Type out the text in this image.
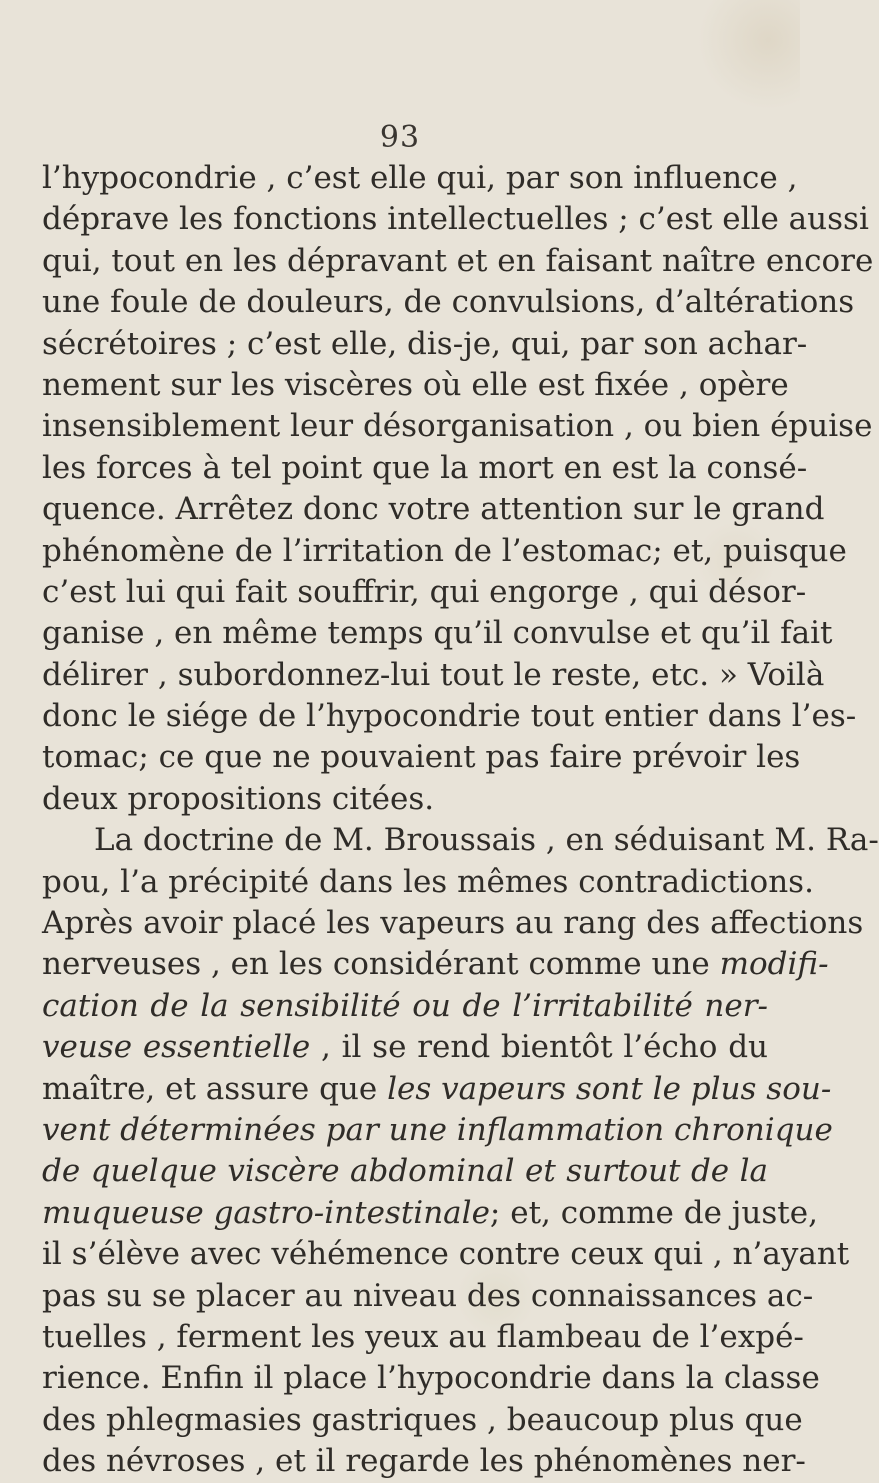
93
l’hypocondrie , c’est elle qui, par son influence ,
déprave les fonctions intellectuelles ; c’est elle aussi
qui, tout en les dépravant et en faisant naître encore
une foule de douleurs, de convulsions, d’altérations
sécrétoires ; c’est elle, dis-je, qui, par son achar-
nement sur les viscères où elle est fixée , opère
insensiblement leur désorganisation , ou bien épuise
les forces à tel point que la mort en est la consé-
quence. Arrêtez donc votre attention sur le grand
phénomène de l’irritation de l’estomac; et, puisque
c’est lui qui fait souffrir, qui engorge , qui désor-
ganise , en même temps qu’il convulse et qu’il fait
délirer , subordonnez-lui tout le reste, etc. » Voilà
donc le siége de l’hypocondrie tout entier dans l’es-
tomac; ce que ne pouvaient pas faire prévoir les
deux propositions citées.
La doctrine de M. Broussais , en séduisant M. Ra-
pou, l’a précipité dans les mêmes contradictions.
Après avoir placé les vapeurs au rang des affections
nerveuses , en les considérant comme une modifi-
cation de la sensibilité ou de l’irritabilité ner-
veuse essentielle , il se rend bientôt l’écho du
maître, et assure que les vapeurs sont le plus sou-
vent déterminées par une inflammation chronique
de quelque viscère abdominal et surtout de la
muqueuse gastro-intestinale; et, comme de juste,
il s’élève avec véhémence contre ceux qui , n’ayant
pas su se placer au niveau des connaissances ac-
tuelles , ferment les yeux au flambeau de l’expé-
rience. Enfin il place l’hypocondrie dans la classe
des phlegmasies gastriques , beaucoup plus que
des névroses , et il regarde les phénomènes ner-
